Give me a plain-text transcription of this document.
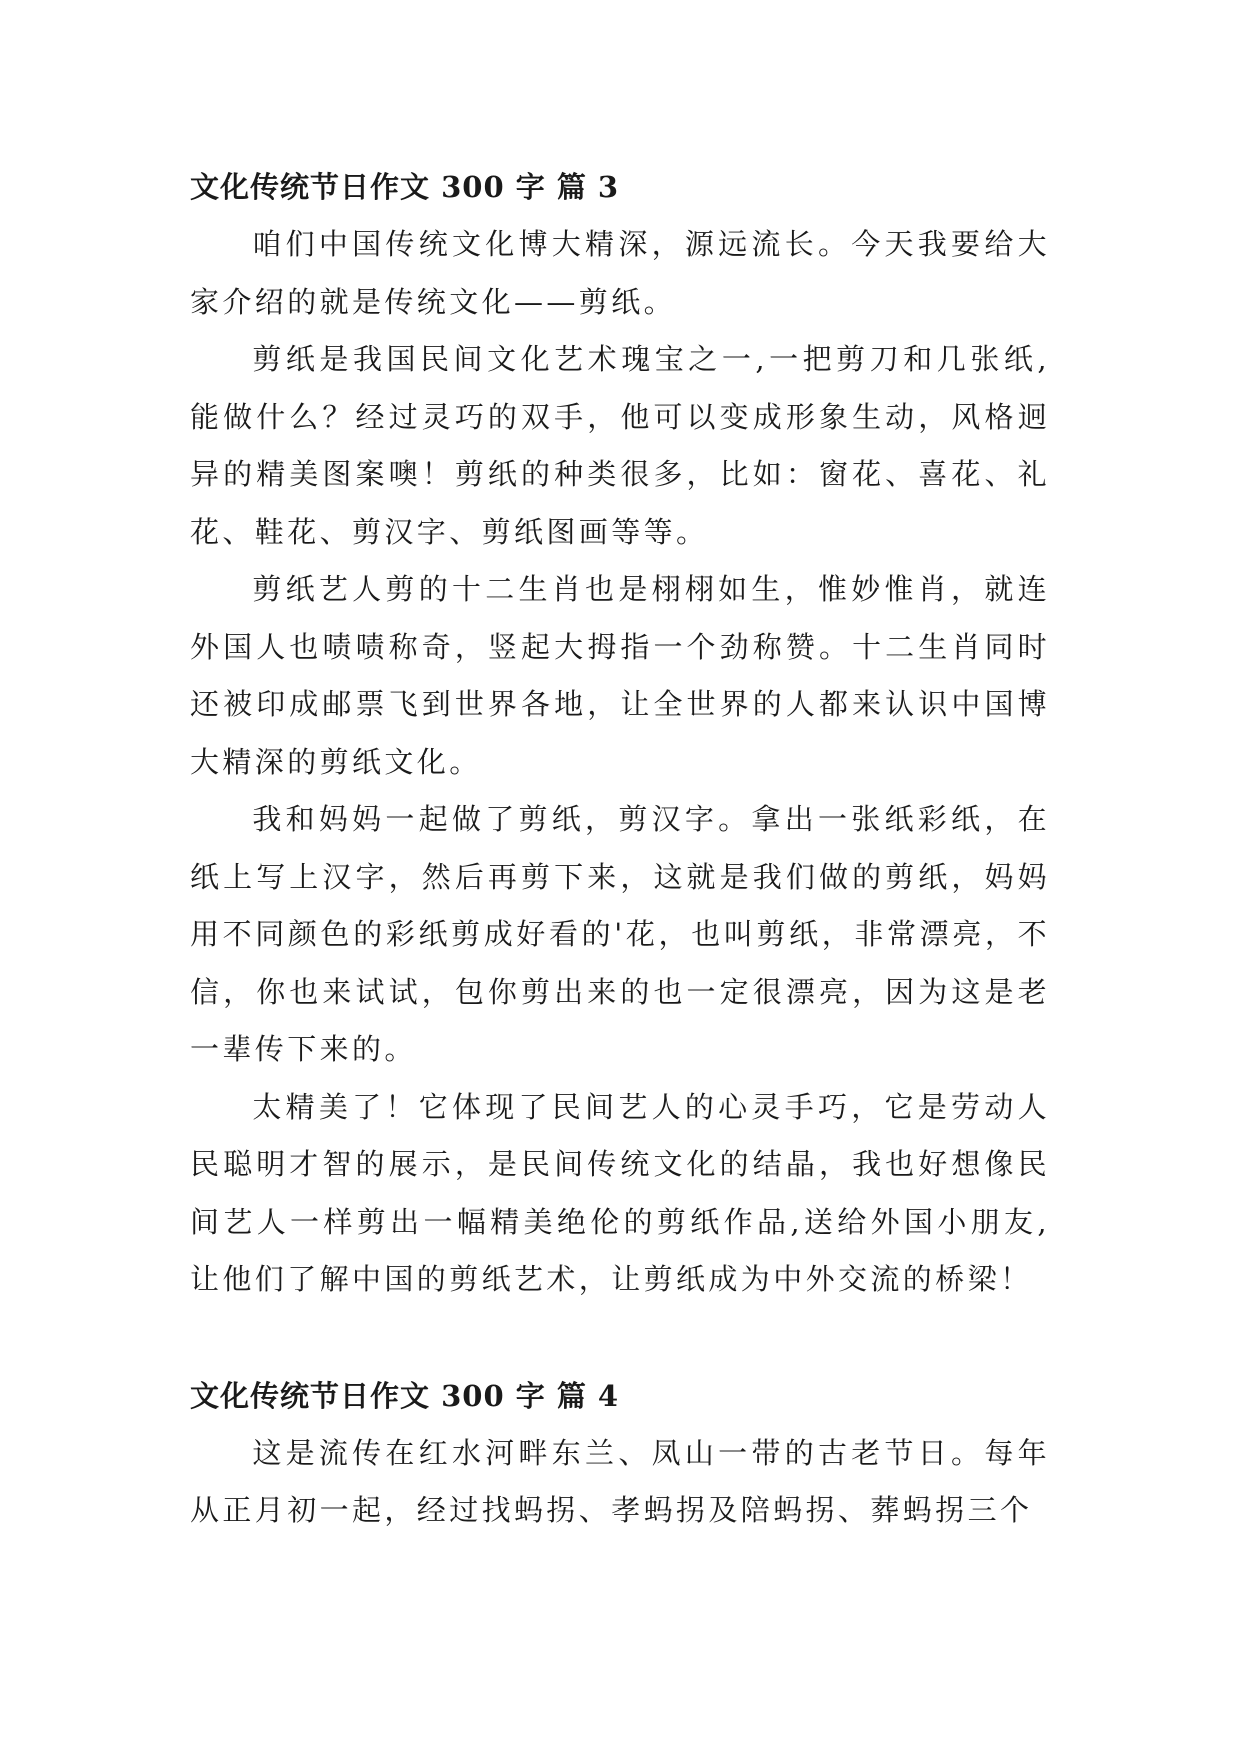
文化传统节日作文 300 字 篇 3

咱们中国传统文化博大精深，源远流长。今天我要给大家介绍的就是传统文化——剪纸。

剪纸是我国民间文化艺术瑰宝之一,一把剪刀和几张纸,能做什么？经过灵巧的双手，他可以变成形象生动，风格迥异的精美图案噢！剪纸的种类很多，比如：窗花、喜花、礼花、鞋花、剪汉字、剪纸图画等等。

剪纸艺人剪的十二生肖也是栩栩如生，惟妙惟肖，就连外国人也啧啧称奇，竖起大拇指一个劲称赞。十二生肖同时还被印成邮票飞到世界各地，让全世界的人都来认识中国博大精深的剪纸文化。

我和妈妈一起做了剪纸，剪汉字。拿出一张纸彩纸，在纸上写上汉字，然后再剪下来，这就是我们做的剪纸，妈妈用不同颜色的彩纸剪成好看的'花，也叫剪纸，非常漂亮，不信，你也来试试，包你剪出来的也一定很漂亮，因为这是老一辈传下来的。

太精美了！它体现了民间艺人的心灵手巧，它是劳动人民聪明才智的展示，是民间传统文化的结晶，我也好想像民间艺人一样剪出一幅精美绝伦的剪纸作品,送给外国小朋友,让他们了解中国的剪纸艺术，让剪纸成为中外交流的桥梁！

文化传统节日作文 300 字 篇 4

这是流传在红水河畔东兰、凤山一带的古老节日。每年从正月初一起，经过找蚂拐、孝蚂拐及陪蚂拐、葬蚂拐三个
